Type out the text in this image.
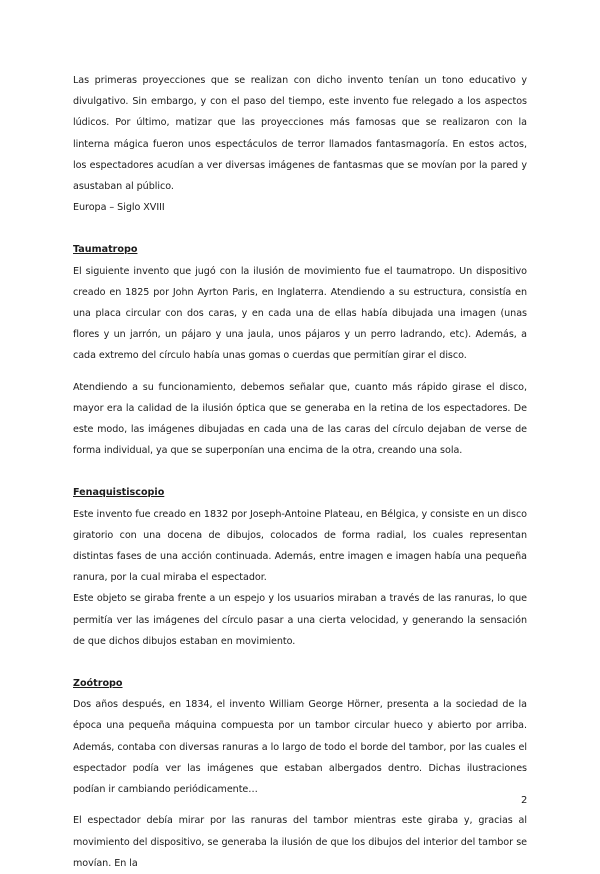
Las primeras proyecciones que se realizan con dicho invento tenían un tono educativo y divulgativo. Sin embargo, y con el paso del tiempo, este invento fue relegado a los aspectos lúdicos. Por último, matizar que las proyecciones más famosas que se realizaron con la linterna mágica fueron unos espectáculos de terror llamados fantasmagoría. En estos actos, los espectadores acudían a ver diversas imágenes de fantasmas que se movían por la pared y asustaban al público.

Europa – Siglo XVIII

Taumatropo

El siguiente invento que jugó con la ilusión de movimiento fue el taumatropo. Un dispositivo creado en 1825 por John Ayrton Paris, en Inglaterra. Atendiendo a su estructura, consistía en una placa circular con dos caras, y en cada una de ellas había dibujada una imagen (unas flores y un jarrón, un pájaro y una jaula, unos pájaros y un perro ladrando, etc). Además, a cada extremo del círculo había unas gomas o cuerdas que permitían girar el disco.

Atendiendo a su funcionamiento, debemos señalar que, cuanto más rápido girase el disco, mayor era la calidad de la ilusión óptica que se generaba en la retina de los espectadores. De este modo, las imágenes dibujadas en cada una de las caras del círculo dejaban de verse de forma individual, ya que se superponían una encima de la otra, creando una sola.

Fenaquistiscopio

Este invento fue creado en 1832 por Joseph-Antoine Plateau, en Bélgica, y consiste en un disco giratorio con una docena de dibujos, colocados de forma radial, los cuales representan distintas fases de una acción continuada. Además, entre imagen e imagen había una pequeña ranura, por la cual miraba el espectador.

Este objeto se giraba frente a un espejo y los usuarios miraban a través de las ranuras, lo que permitía ver las imágenes del círculo pasar a una cierta velocidad, y generando la sensación de que dichos dibujos estaban en movimiento.

Zoótropo

Dos años después, en 1834, el invento William George Hörner, presenta a la sociedad de la época una pequeña máquina compuesta por un tambor circular hueco y abierto por arriba. Además, contaba con diversas ranuras a lo largo de todo el borde del tambor, por las cuales el espectador podía ver las imágenes que estaban albergados dentro. Dichas ilustraciones podían ir cambiando periódicamente…

El espectador debía mirar por las ranuras del tambor mientras este giraba y, gracias al movimiento del dispositivo, se generaba la ilusión de que los dibujos del interior del tambor se movían. En la

2
